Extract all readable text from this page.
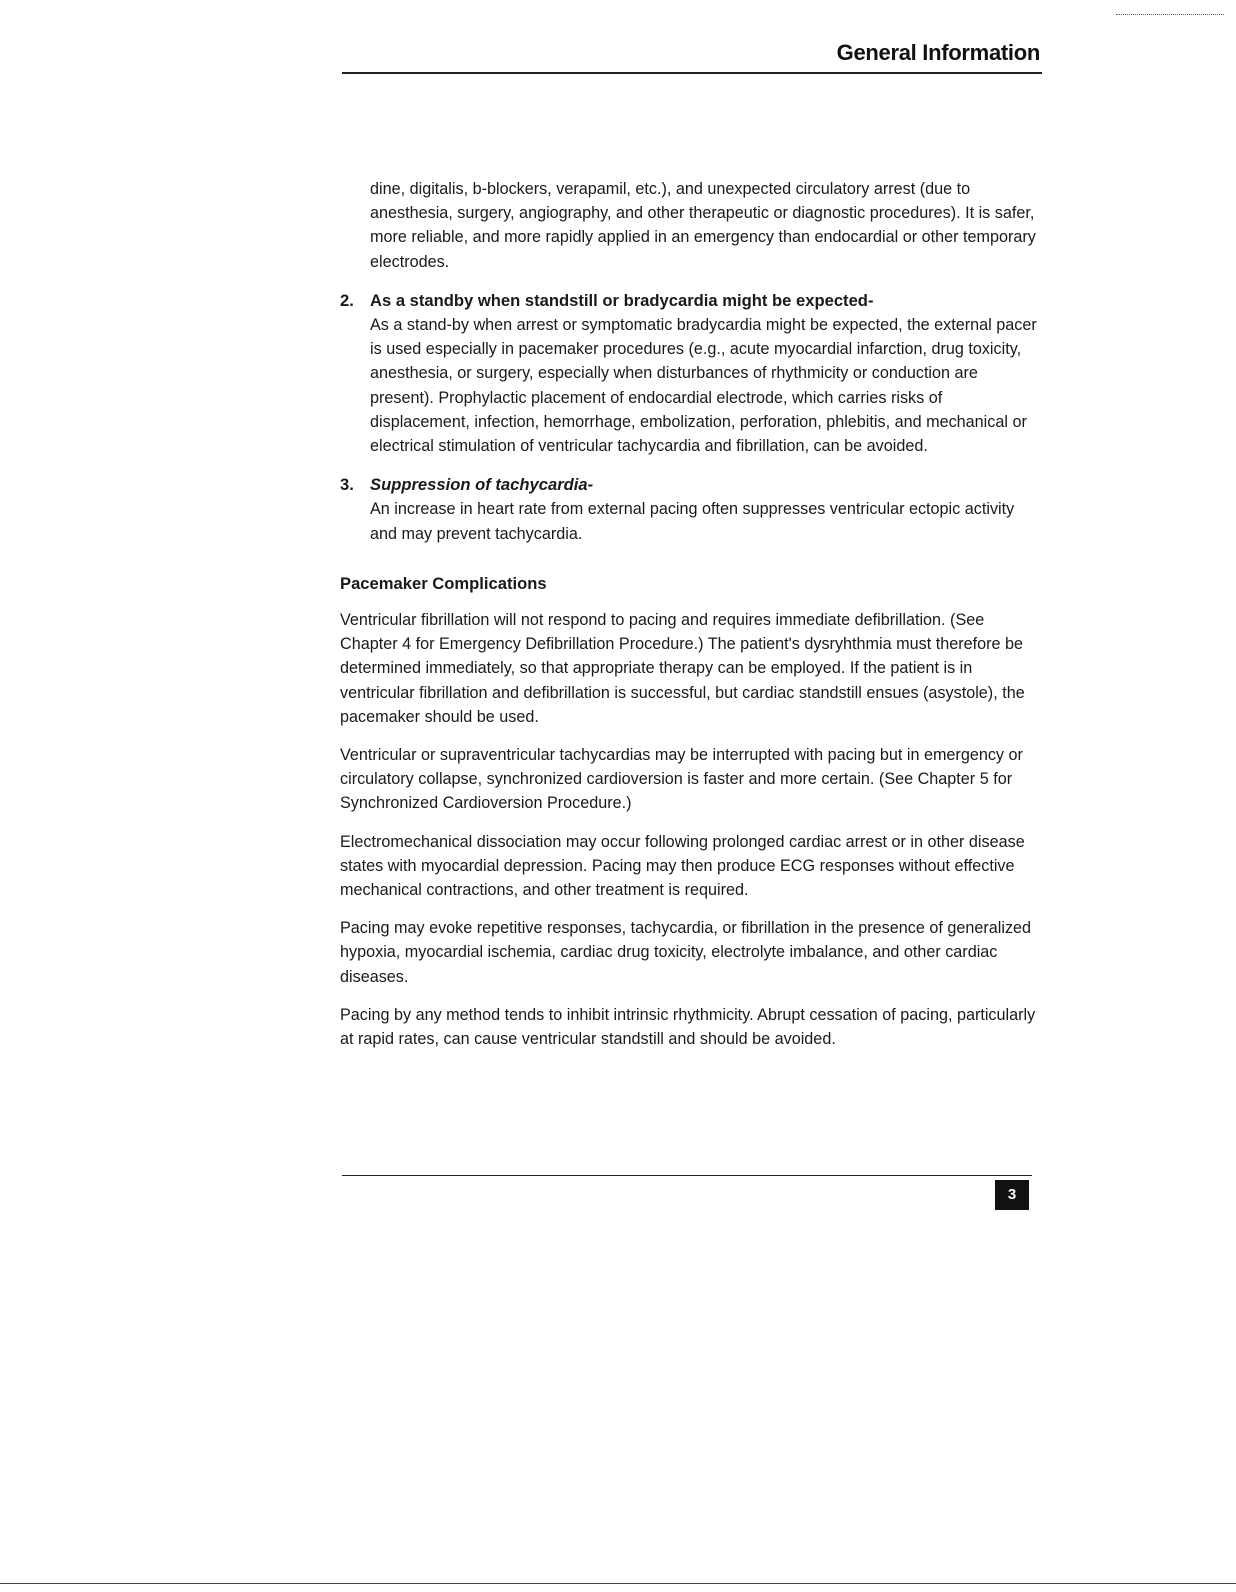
General Information

dine, digitalis, b-blockers, verapamil, etc.), and unexpected circulatory arrest (due to anesthesia, surgery, angiography, and other therapeutic or diagnostic procedures). It is safer, more reliable, and more rapidly applied in an emergency than endocardial or other temporary electrodes.

2. As a standby when standstill or bradycardia might be expected-

As a stand-by when arrest or symptomatic bradycardia might be expected, the external pacer is used especially in pacemaker procedures (e.g., acute myocardial infarction, drug toxicity, anesthesia, or surgery, especially when disturbances of rhythmicity or conduction are present). Prophylactic placement of endocardial electrode, which carries risks of displacement, infection, hemorrhage, embolization, perforation, phlebitis, and mechanical or electrical stimulation of ventricular tachycardia and fibrillation, can be avoided.

3. Suppression of tachycardia-

An increase in heart rate from external pacing often suppresses ventricular ectopic activity and may prevent tachycardia.

Pacemaker Complications

Ventricular fibrillation will not respond to pacing and requires immediate defibrillation. (See Chapter 4 for Emergency Defibrillation Procedure.) The patient's dysryhthmia must therefore be determined immediately, so that appropriate therapy can be employed. If the patient is in ventricular fibrillation and defibrillation is successful, but cardiac standstill ensues (asystole), the pacemaker should be used.

Ventricular or supraventricular tachycardias may be interrupted with pacing but in emergency or circulatory collapse, synchronized cardioversion is faster and more certain. (See Chapter 5 for Synchronized Cardioversion Procedure.)

Electromechanical dissociation may occur following prolonged cardiac arrest or in other disease states with myocardial depression. Pacing may then produce ECG responses without effective mechanical contractions, and other treatment is required.

Pacing may evoke repetitive responses, tachycardia, or fibrillation in the presence of generalized hypoxia, myocardial ischemia, cardiac drug toxicity, electrolyte imbalance, and other cardiac diseases.

Pacing by any method tends to inhibit intrinsic rhythmicity. Abrupt cessation of pacing, particularly at rapid rates, can cause ventricular standstill and should be avoided.

3
